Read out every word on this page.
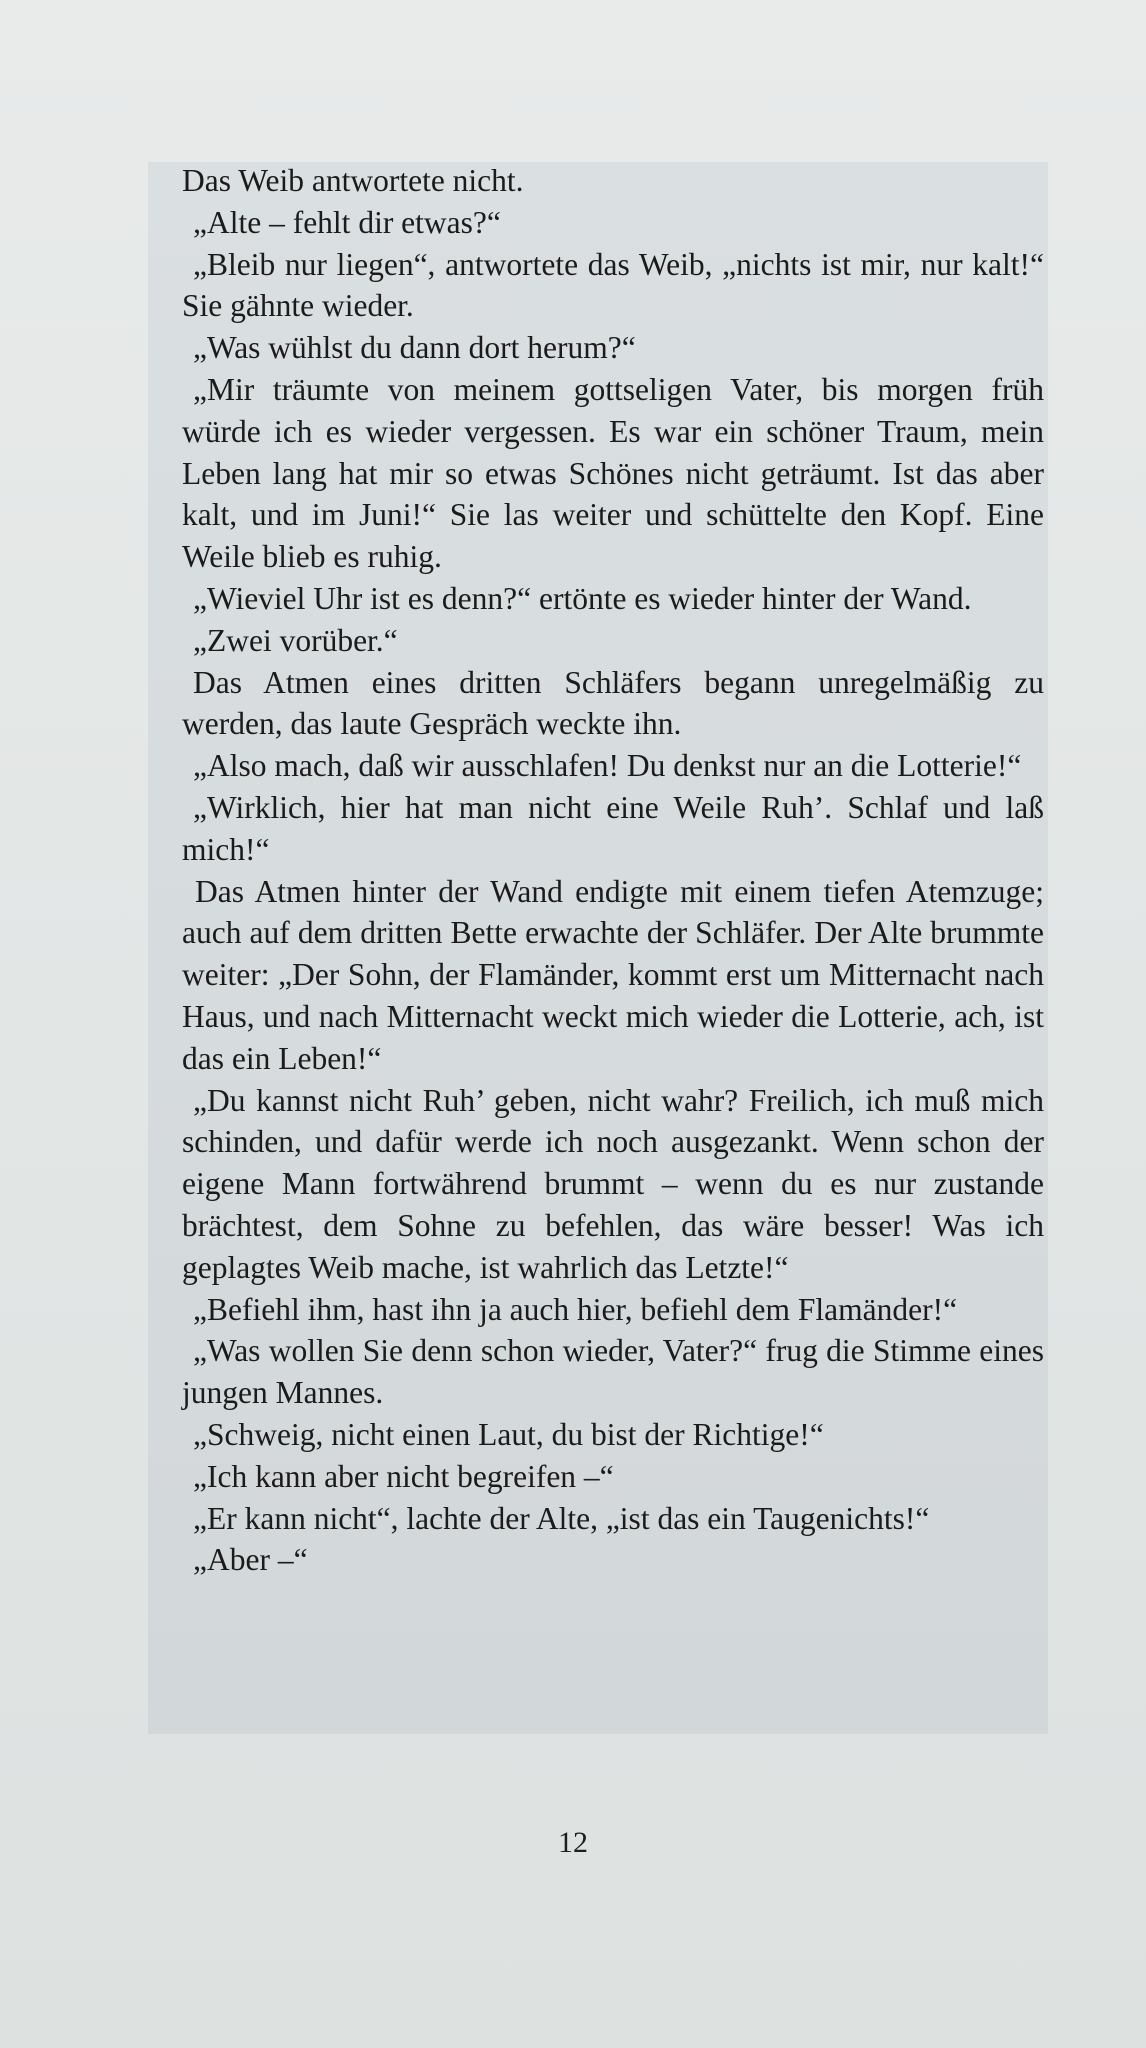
Das Weib antwortete nicht.

„Alte – fehlt dir etwas?“

„Bleib nur liegen“, antwortete das Weib, „nichts ist mir, nur kalt!“ Sie gähnte wieder.

„Was wühlst du dann dort herum?“

„Mir träumte von meinem gottseligen Vater, bis morgen früh würde ich es wieder vergessen. Es war ein schöner Traum, mein Leben lang hat mir so etwas Schönes nicht geträumt. Ist das aber kalt, und im Juni!“ Sie las weiter und schüttelte den Kopf. Eine Weile blieb es ruhig.

„Wieviel Uhr ist es denn?“ ertönte es wieder hinter der Wand.

„Zwei vorüber.“

Das Atmen eines dritten Schläfers begann unregelmäßig zu werden, das laute Gespräch weckte ihn.

„Also mach, daß wir ausschlafen! Du denkst nur an die Lotterie!“

„Wirklich, hier hat man nicht eine Weile Ruh’. Schlaf und laß mich!“

Das Atmen hinter der Wand endigte mit einem tiefen Atemzuge; auch auf dem dritten Bette erwachte der Schläfer. Der Alte brummte weiter: „Der Sohn, der Flamänder, kommt erst um Mitternacht nach Haus, und nach Mitternacht weckt mich wieder die Lotterie, ach, ist das ein Leben!“

„Du kannst nicht Ruh’ geben, nicht wahr? Freilich, ich muß mich schinden, und dafür werde ich noch ausgezankt. Wenn schon der eigene Mann fortwährend brummt – wenn du es nur zustande brächtest, dem Sohne zu befehlen, das wäre besser! Was ich geplagtes Weib mache, ist wahrlich das Letzte!“

„Befiehl ihm, hast ihn ja auch hier, befiehl dem Flamänder!“

„Was wollen Sie denn schon wieder, Vater?“ frug die Stimme eines jungen Mannes.

„Schweig, nicht einen Laut, du bist der Richtige!“

„Ich kann aber nicht begreifen –“

„Er kann nicht“, lachte der Alte, „ist das ein Taugenichts!“

„Aber –“

12
